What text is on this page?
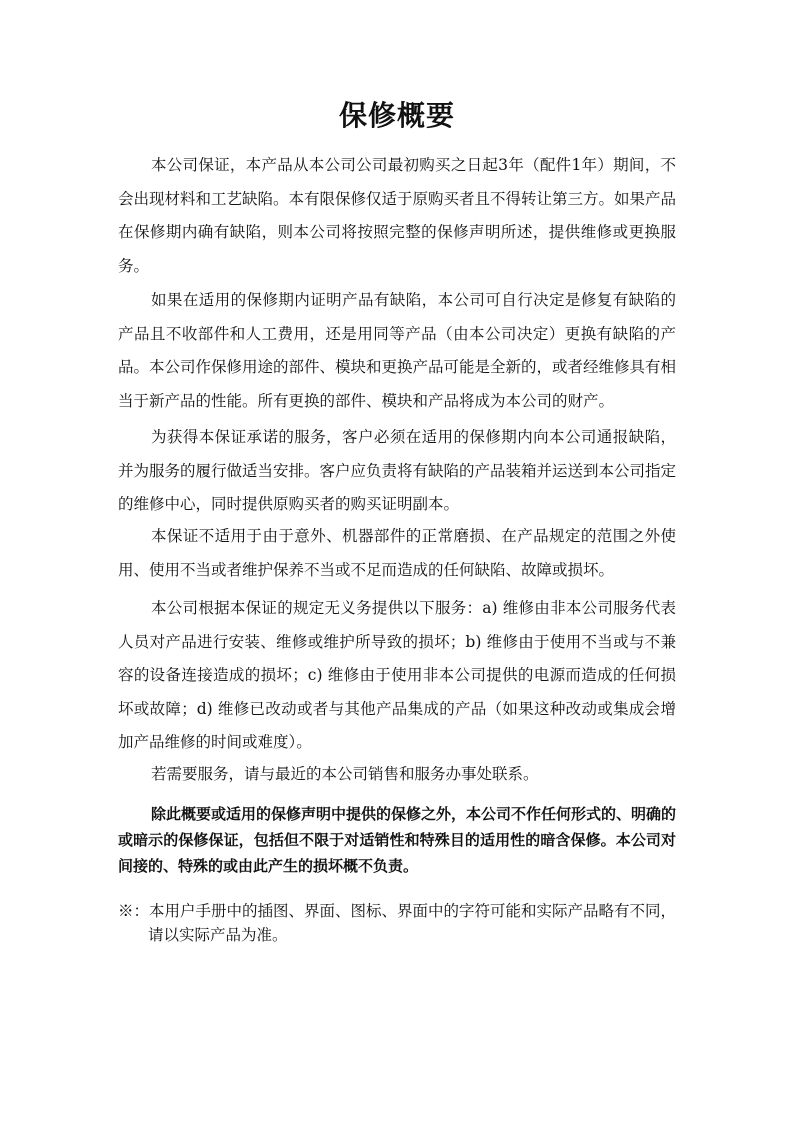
保修概要

本公司保证，本产品从本公司公司最初购买之日起3年（配件1年）期间，不会出现材料和工艺缺陷。本有限保修仅适于原购买者且不得转让第三方。如果产品在保修期内确有缺陷，则本公司将按照完整的保修声明所述，提供维修或更换服务。

如果在适用的保修期内证明产品有缺陷，本公司可自行决定是修复有缺陷的产品且不收部件和人工费用，还是用同等产品（由本公司决定）更换有缺陷的产品。本公司作保修用途的部件、模块和更换产品可能是全新的，或者经维修具有相当于新产品的性能。所有更换的部件、模块和产品将成为本公司的财产。

为获得本保证承诺的服务，客户必须在适用的保修期内向本公司通报缺陷，并为服务的履行做适当安排。客户应负责将有缺陷的产品装箱并运送到本公司指定的维修中心，同时提供原购买者的购买证明副本。

本保证不适用于由于意外、机器部件的正常磨损、在产品规定的范围之外使用、使用不当或者维护保养不当或不足而造成的任何缺陷、故障或损坏。

本公司根据本保证的规定无义务提供以下服务：a) 维修由非本公司服务代表人员对产品进行安装、维修或维护所导致的损坏；b) 维修由于使用不当或与不兼容的设备连接造成的损坏；c) 维修由于使用非本公司提供的电源而造成的任何损坏或故障；d) 维修已改动或者与其他产品集成的产品（如果这种改动或集成会增加产品维修的时间或难度）。

若需要服务，请与最近的本公司销售和服务办事处联系。

除此概要或适用的保修声明中提供的保修之外，本公司不作任何形式的、明确的或暗示的保修保证，包括但不限于对适销性和特殊目的适用性的暗含保修。本公司对间接的、特殊的或由此产生的损坏概不负责。

※：本用户手册中的插图、界面、图标、界面中的字符可能和实际产品略有不同，请以实际产品为准。
